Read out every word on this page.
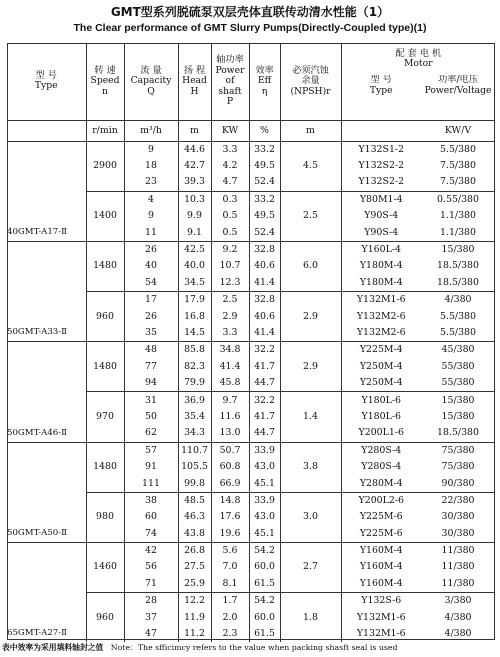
GMT型系列脱硫泵双层壳体直联传动清水性能（1）
The Clear performance of GMT Slurry Pumps(Directly-Coupled type)(1)
型 号
Type	转 速
Speed
n	流 量
Capacity
Q	扬 程
Head
H	轴功率
Power of
shaft
P	效率
Eff
η	必须汽蚀
余量
(NPSH)r	配 套 电 机
Motor	
							型 号
Type	功率/电压
Power/Voltage
	r/min	m³/h	m	KW	%	m		KW/V
40GMT-A17-Ⅱ	2900	9	44.6	3.3	33.2	4.5	Y132S1-2	5.5/380
		18	42.7	4.2	49.5		Y132S2-2	7.5/380
		23	39.3	4.7	52.4		Y132S2-2	7.5/380
	1400	4	10.3	0.3	33.2	2.5	Y80M1-4	0.55/380
		9	9.9	0.5	49.5		Y90S-4	1.1/380
		11	9.1	0.5	52.4		Y90S-4	1.1/380
50GMT-A33-Ⅱ	1480	26	42.5	9.2	32.8	6.0	Y160L-4	15/380
		40	40.0	10.7	40.6		Y180M-4	18.5/380
		54	34.5	12.3	41.4		Y180M-4	18.5/380
	960	17	17.9	2.5	32.8	2.9	Y132M1-6	4/380
		26	16.8	2.9	40.6		Y132M2-6	5.5/380
		35	14.5	3.3	41.4		Y132M2-6	5.5/380
50GMT-A46-Ⅱ	1480	48	85.8	34.8	32.2	2.9	Y225M-4	45/380
		77	82.3	41.4	41.7		Y250M-4	55/380
		94	79.9	45.8	44.7		Y250M-4	55/380
	970	31	36.9	9.7	32.2	1.4	Y180L-6	15/380
		50	35.4	11.6	41.7		Y180L-6	15/380
		62	34.3	13.0	44.7		Y200L1-6	18.5/380
50GMT-A50-Ⅱ	1480	57	110.7	50.7	33.9	3.8	Y280S-4	75/380
		91	105.5	60.8	43.0		Y280S-4	75/380
		111	99.8	66.9	45.1		Y280M-4	90/380
	980	38	48.5	14.8	33.9	3.0	Y200L2-6	22/380
		60	46.3	17.6	43.0		Y225M-6	30/380
		74	43.8	19.6	45.1		Y225M-6	30/380
65GMT-A27-Ⅱ	1460	42	26.8	5.6	54.2	2.7	Y160M-4	11/380
		56	27.5	7.0	60.0		Y160M-4	11/380
		71	25.9	8.1	61.5		Y160M-4	11/380
	960	28	12.2	1.7	54.2	1.8	Y132S-6	3/380
		37	11.9	2.0	60.0		Y132M1-6	4/380
		47	11.2	2.3	61.5		Y132M1-6	4/380
表中效率为采用填料轴封之值 Note：The sfficimcy refers to the value when packing shasft seal is used
